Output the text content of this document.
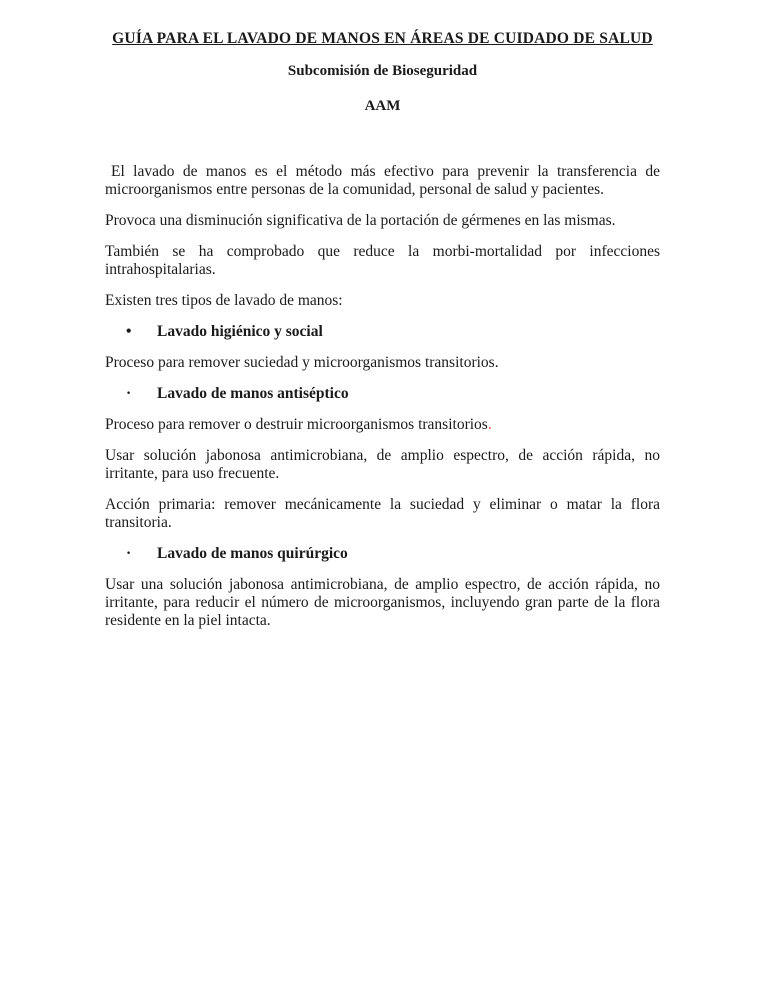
GUÍA PARA EL LAVADO DE MANOS EN ÁREAS DE CUIDADO DE SALUD
Subcomisión de Bioseguridad
AAM

El lavado de manos es el método más efectivo para prevenir la transferencia de microorganismos entre personas de la comunidad, personal de salud y pacientes.

Provoca una disminución significativa de la portación de gérmenes en las mismas.

También se ha comprobado que reduce la morbi-mortalidad por infecciones intrahospitalarias.

Existen tres tipos de lavado de manos:

•	Lavado higiénico y social

Proceso para remover suciedad y microorganismos transitorios.

·	Lavado de manos antiséptico

Proceso para remover o destruir microorganismos transitorios.

Usar solución jabonosa antimicrobiana, de amplio espectro, de acción rápida, no irritante, para uso frecuente.

Acción primaria: remover mecánicamente la suciedad y eliminar o matar la flora transitoria.

·	Lavado de manos quirúrgico

Usar una solución jabonosa antimicrobiana, de amplio espectro, de acción rápida, no irritante, para reducir el número de microorganismos, incluyendo gran parte de la flora residente en la piel intacta.
